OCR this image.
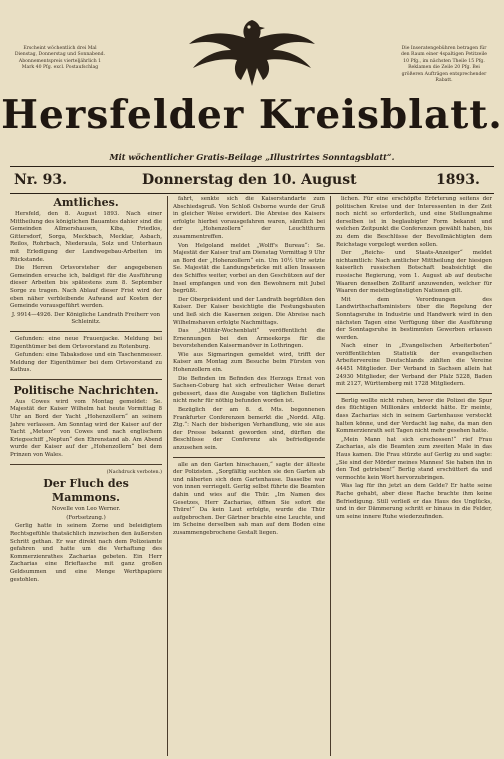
Erscheint wöchentlich drei Mal Dienstag, Donnerstag und Sonnabend. Abonnementspreis vierteljährlich 1 Mark 40 Pfg. excl. Postaufschlag
Die Inseratengebühren betragen für den Raum einer 4spaltigen Petitzeile 10 Pfg., im nächsten Theile 15 Pfg. Reklamen die Zeile 20 Pfg. Bei größeren Aufträgen entsprechender Rabatt.
Hersfelder Kreisblatt.
Mit wöchentlicher Gratis-Beilage „Illustrirtes Sonntagsblatt“.
Nr. 93.	Donnerstag den 10. August	1893.

Amtliches.

Hersfeld, den 8. August 1893. Nach einer Mittheilung des königlichen Bauamtes dahier sind die Gemeinden Allmershausen, Kiba, Friedlos, Gittersdorf, Sorga, Meckbach, Mecklar, Asbach, Reilos, Rohrbach, Niederaula, Solz und Unterhaun mit Erledigung der Landwegebau-Arbeiten im Rückstande.

Die Herren Ortsvorsteher der angegebenen Gemeinden ersuche ich, baldigst für die Ausführung dieser Arbeiten bis spätestens zum 8. September Sorge zu tragen. Nach Ablauf dieser Frist wird der eben näher verbleibende Aufwand auf Kosten der Gemeinde vorausgeführt werden.

J. 9914—4926. Der Königliche Landrath Freiherr von Schleinitz.

Gefunden: eine neue Frauenjacke. Meldung bei Eigenthümer bei dem Ortsvorstand zu Rotenburg.

Gefunden: eine Tabaksdose und ein Taschenmesser. Meldung der Eigenthümer bei dem Ortsvorstand zu Kathus.

Politische Nachrichten.

Aus Cowes wird vom Montag gemeldet: Se. Majestät der Kaiser Wilhelm hat heute Vormittag 8 Uhr an Bord der Yacht „Hohenzollern“ an seinem Jahre verlassen. Am Sonntag wird der Kaiser auf der Yacht „Meteor“ von Cowes und nach englischem Kriegsschiff „Neptun“ den Ehrenstand ab. Am Abend wurde der Kaiser auf der „Hohenzollern“ bei dem Prinzen von Wales.

(Nachdruck verboten.)

Der Fluch des Mammons.

Novelle von Leo Werner.

(Fortsetzung.)

Gerlig hatte in seinem Zorne und beleidigtem Rechtsgefühle thatsächlich inzwischen den äußersten Schritt gethan. Er war direkt nach dem Polizeiamte gefahren und hatte um die Verhaftung des Kommerzienrathes Zacharias gebeten. Ein Herr Zacharias eine Brieftasche mit ganz großen Geldsummen und eine Menge Werthpapiere gestohlen.

fahrt, senkte sich die Kaiserstandarte zum Abschiedsgruß. Von Schloß Osborne wurde der Gruß in gleicher Weise erwidert. Die Abreise des Kaisers erfolgte hierbei vorausgefahren waren, sämtlich bei der „Hohenzollern“ der Leuchtthurm zusammentreffen.

Von Helgoland meldet „Wolff's Bureau“: Se. Majestät der Kaiser traf am Dienstag Vormittag 9 Uhr an Bord der „Hohenzollern“ ein. Um 10½ Uhr setzte Se. Majestät die Landungsbrücke mit allen Insassen des Schiffes weiter, vorbei an den Geschützen auf der Insel empfangen und von den Bewohnern mit Jubel begrüßt.

Der Oberpräsident und der Landrath begrüßten den Kaiser. Der Kaiser besichtigte die Festungsbauten und ließ sich die Kasernen zeigen. Die Abreise nach Wilhelmshaven erfolgte Nachmittags.

Das „Militär-Wochenblatt“ veröffentlicht die Ernennungen bei den Armeekorps für die bevorstehenden Kaisermanöver in Lothringen.

Wie aus Sigmaringen gemeldet wird, trifft der Kaiser am Montag zum Besuche beim Fürsten von Hohenzollern ein.

Die Befinden im Befinden des Herzogs Ernst von Sachsen-Coburg hat sich erfreulicher Weise derart gebessert, dass die Ausgabe von täglichen Bulletins nicht mehr für nöthig befunden worden ist.

Bezüglich der am 8. d. Mts. begonnenen Frankfurter Conferenzen bemerkt die „Nordd. Allg. Ztg.“: Nach der bisherigen Verhandlung, wie sie aus der Presse bekannt geworden sind, dürften die Beschlüsse der Conferenz als befriedigende anzusehen sein.

alle an den Garten hinschauen,“ sagte der älteste der Polizisten. „Sorgfältig suchten sie den Garten ab und näherten sich dem Gartenhause. Dasselbe war von innen verriegelt. Gerlig selbst führte die Beamten dahin und wies auf die Thür. „Im Namen des Gesetzes, Herr Zacharias, öffnen Sie sofort die Thüre!“ Da kein Laut erfolgte, wurde die Thür aufgebrochen. Der Gärtner brachte eine Leuchte, und im Scheine derselben sah man auf dem Boden eine zusammengebrochene Gestalt liegen.

lichen. Für eine erschöpfte Erörterung seitens der politischen Kreise und der Interessenten in der Zeit noch nicht so erforderlich, und eine Stellungnahme derselben ist in beglaubigter Form bekannt und welchen Zeitpunkt die Conferenzen gewählt haben, bis zu dem die Beschlüsse der Bevollmächtigten dem Reichstage vorgelegt werden sollen.

Der „Reichs- und Staats-Anzeiger“ meldet nichtamtlich: Nach amtlicher Mittheilung der hiesigen kaiserlich russischen Botschaft beabsichtigt die russische Regierung, vom 1. August ab auf deutsche Waaren denselben Zolltarif anzuwenden, welcher für Waaren der meistbegünstigten Nationen gilt.

Mit dem Verordnungen des Landwirthschaftsministers über die Regelung der Sonntagsruhe in Industrie und Handwerk wird in den nächsten Tagen eine Verfügung über die Ausführung der Sonntagsruhe in bestimmten Gewerben erlassen werden.

Nach einer in „Evangelischen Arbeiterboten“ veröffentlichten Statistik der evangelischen Arbeitervereine Deutschlands zählten die Vereine 44451 Mitglieder. Der Verband in Sachsen allein hat 24930 Mitglieder, der Verband der Pfalz 5228, Baden mit 2127, Württemberg mit 1728 Mitgliedern.

Berlig wollte nicht ruhen, bevor die Polizei die Spur des flüchtigen Millionärs entdeckt hätte. Er meinte, dass Zacharias sich in seinem Gartenhause versteckt halten könne, und der Verdacht lag nahe, da man den Kommerzienrath seit Tagen nicht mehr gesehen hatte.

„Mein Mann hat sich erschossen!“ rief Frau Zacharias, als die Beamten zum zweiten Male in das Haus kamen. Die Frau stürzte auf Gerlig zu und sagte: „Sie sind der Mörder meines Mannes! Sie haben ihn in den Tod getrieben!“ Berlig stand erschüttert da und vermochte kein Wort hervorzubringen.

Was lag für ihn jetzt an dem Gelde? Er hatte seine Rache gehabt, aber diese Rache brachte ihm keine Befriedigung. Still verließ er das Haus des Unglücks, und in der Dämmerung schritt er hinaus in die Felder, um seine innere Ruhe wiederzufinden.
